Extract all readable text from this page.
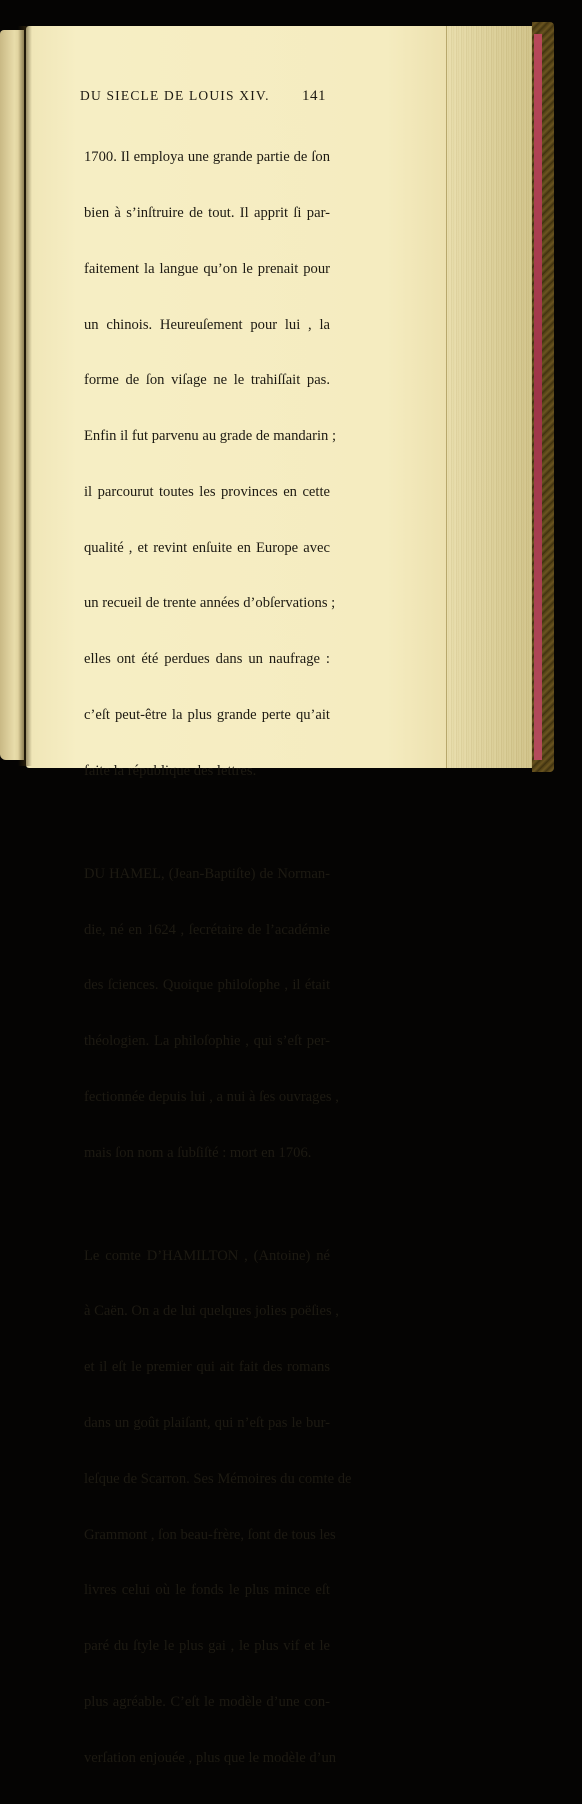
DU SIECLE DE LOUIS XIV. 141

1700. Il employa une grande partie de ſon

bien à s’inſtruire de tout. Il apprit ſi par-

faitement la langue qu’on le prenait pour

un chinois. Heureuſement pour lui , la

forme de ſon viſage ne le trahiſſait pas.

Enfin il fut parvenu au grade de mandarin ;

il parcourut toutes les provinces en cette

qualité , et revint enſuite en Europe avec

un recueil de trente années d’obſervations ;

elles ont été perdues dans un naufrage :

c’eſt peut-être la plus grande perte qu’ait

faite la république des lettres.

DU HAMEL, (Jean-Baptiſte) de Norman-

die, né en 1624 , ſecrétaire de l’académie

des ſciences. Quoique philoſophe , il était

théologien. La philoſophie , qui s’eſt per-

fectionnée depuis lui , a nui à ſes ouvrages ,

mais ſon nom a ſubſiſté : mort en 1706.

Le comte D’HAMILTON , (Antoine) né

à Caën. On a de lui quelques jolies poëſies ,

et il eſt le premier qui ait fait des romans

dans un goût plaiſant, qui n’eſt pas le bur-

leſque de Scarron. Ses Mémoires du comte de

Grammont , ſon beau-frère, ſont de tous les

livres celui où le fonds le plus mince eſt

paré du ſtyle le plus gai , le plus vif et le

plus agréable. C’eſt le modèle d’une con-

verſation enjouée , plus que le modèle d’un
